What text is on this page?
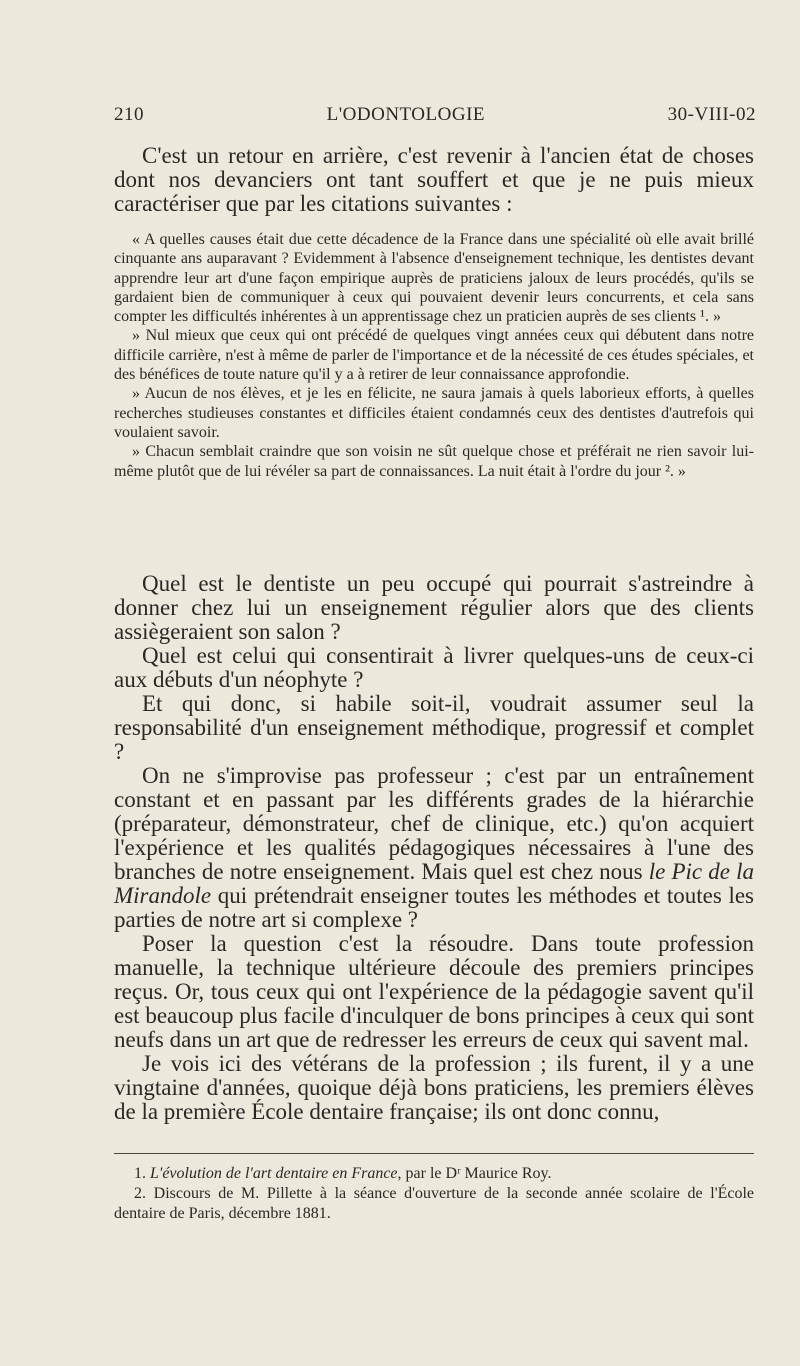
210	L'ODONTOLOGIE	30-VIII-02

C'est un retour en arrière, c'est revenir à l'ancien état de choses dont nos devanciers ont tant souffert et que je ne puis mieux caractériser que par les citations suivantes :

« A quelles causes était due cette décadence de la France dans une spécialité où elle avait brillé cinquante ans auparavant ? Evidemment à l'absence d'enseignement technique, les dentistes devant apprendre leur art d'une façon empirique auprès de praticiens jaloux de leurs procédés, qu'ils se gardaient bien de communiquer à ceux qui pouvaient devenir leurs concurrents, et cela sans compter les difficultés inhérentes à un apprentissage chez un praticien auprès de ses clients ¹. »

» Nul mieux que ceux qui ont précédé de quelques vingt années ceux qui débutent dans notre difficile carrière, n'est à même de parler de l'importance et de la nécessité de ces études spéciales, et des bénéfices de toute nature qu'il y a à retirer de leur connaissance approfondie.

» Aucun de nos élèves, et je les en félicite, ne saura jamais à quels laborieux efforts, à quelles recherches studieuses constantes et difficiles étaient condamnés ceux des dentistes d'autrefois qui voulaient savoir.

» Chacun semblait craindre que son voisin ne sût quelque chose et préférait ne rien savoir lui-même plutôt que de lui révéler sa part de connaissances. La nuit était à l'ordre du jour ². »

Quel est le dentiste un peu occupé qui pourrait s'astreindre à donner chez lui un enseignement régulier alors que des clients assiègeraient son salon ?

Quel est celui qui consentirait à livrer quelques-uns de ceux-ci aux débuts d'un néophyte ?

Et qui donc, si habile soit-il, voudrait assumer seul la responsabilité d'un enseignement méthodique, progressif et complet ?

On ne s'improvise pas professeur ; c'est par un entraînement constant et en passant par les différents grades de la hiérarchie (préparateur, démonstrateur, chef de clinique, etc.) qu'on acquiert l'expérience et les qualités pédagogiques nécessaires à l'une des branches de notre enseignement. Mais quel est chez nous le Pic de la Mirandole qui prétendrait enseigner toutes les méthodes et toutes les parties de notre art si complexe ?

Poser la question c'est la résoudre. Dans toute profession manuelle, la technique ultérieure découle des premiers principes reçus. Or, tous ceux qui ont l'expérience de la pédagogie savent qu'il est beaucoup plus facile d'inculquer de bons principes à ceux qui sont neufs dans un art que de redresser les erreurs de ceux qui savent mal.

Je vois ici des vétérans de la profession ; ils furent, il y a une vingtaine d'années, quoique déjà bons praticiens, les premiers élèves de la première École dentaire française; ils ont donc connu,

1. L'évolution de l'art dentaire en France, par le Dʳ Maurice Roy.

2. Discours de M. Pillette à la séance d'ouverture de la seconde année scolaire de l'École dentaire de Paris, décembre 1881.
